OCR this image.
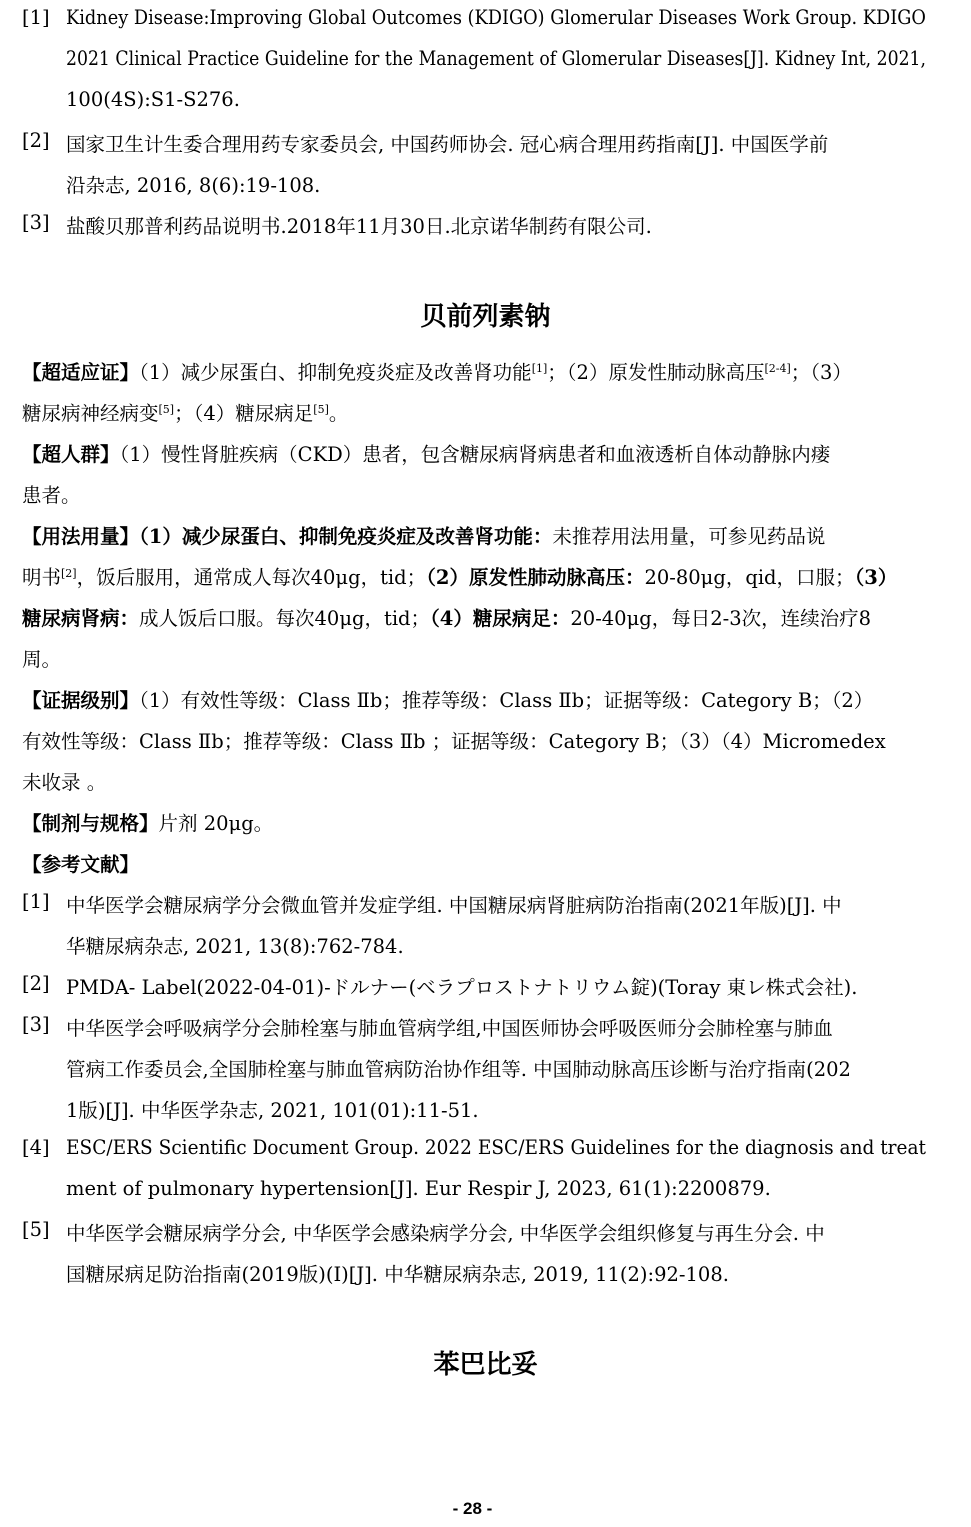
[1] Kidney Disease:Improving Global Outcomes (KDIGO) Glomerular Diseases Work Group. KDIGO
2021 Clinical Practice Guideline for the Management of Glomerular Diseases[J]. Kidney Int, 2021,
100(4S):S1-S276.
[2] 国家卫生计生委合理用药专家委员会, 中国药师协会. 冠心病合理用药指南[J]. 中国医学前
沿杂志, 2016, 8(6):19-108.
[3] 盐酸贝那普利药品说明书.2018年11月30日.北京诺华制药有限公司.
贝前列素钠
【超适应证】（1）减少尿蛋白、抑制免疫炎症及改善肾功能[1]；（2）原发性肺动脉高压[2-4]；（3）
糖尿病神经病变[5]；（4）糖尿病足[5]。
【超人群】（1）慢性肾脏疾病（CKD）患者，包含糖尿病肾病患者和血液透析自体动静脉内瘘
患者。
【用法用量】（1）减少尿蛋白、抑制免疫炎症及改善肾功能：未推荐用法用量，可参见药品说
明书[2]，饭后服用，通常成人每次40μg，tid；（2）原发性肺动脉高压：20-80μg，qid，口服；（3）
糖尿病肾病：成人饭后口服。每次40μg，tid；（4）糖尿病足：20-40μg，每日2-3次，连续治疗8
周。
【证据级别】（1）有效性等级：Class Ⅱb；推荐等级：Class Ⅱb；证据等级：Category B；（2）
有效性等级：Class Ⅱb；推荐等级：Class Ⅱb ；证据等级：Category B；（3）（4）Micromedex
未收录 。
【制剂与规格】片剂 20μg。
【参考文献】
[1] 中华医学会糖尿病学分会微血管并发症学组. 中国糖尿病肾脏病防治指南(2021年版)[J]. 中
华糖尿病杂志, 2021, 13(8):762-784.
[2] PMDA- Label(2022-04-01)-ドルナー(ベラプロストナトリウム錠)(Toray 東レ株式会社).
[3] 中华医学会呼吸病学分会肺栓塞与肺血管病学组,中国医师协会呼吸医师分会肺栓塞与肺血
管病工作委员会,全国肺栓塞与肺血管病防治协作组等. 中国肺动脉高压诊断与治疗指南(202
1版)[J]. 中华医学杂志, 2021, 101(01):11-51.
[4] ESC/ERS Scientific Document Group. 2022 ESC/ERS Guidelines for the diagnosis and treat
ment of pulmonary hypertension[J]. Eur Respir J, 2023, 61(1):2200879.
[5] 中华医学会糖尿病学分会, 中华医学会感染病学分会, 中华医学会组织修复与再生分会. 中
国糖尿病足防治指南(2019版)(I)[J]. 中华糖尿病杂志, 2019, 11(2):92-108.
苯巴比妥
- 28 -
